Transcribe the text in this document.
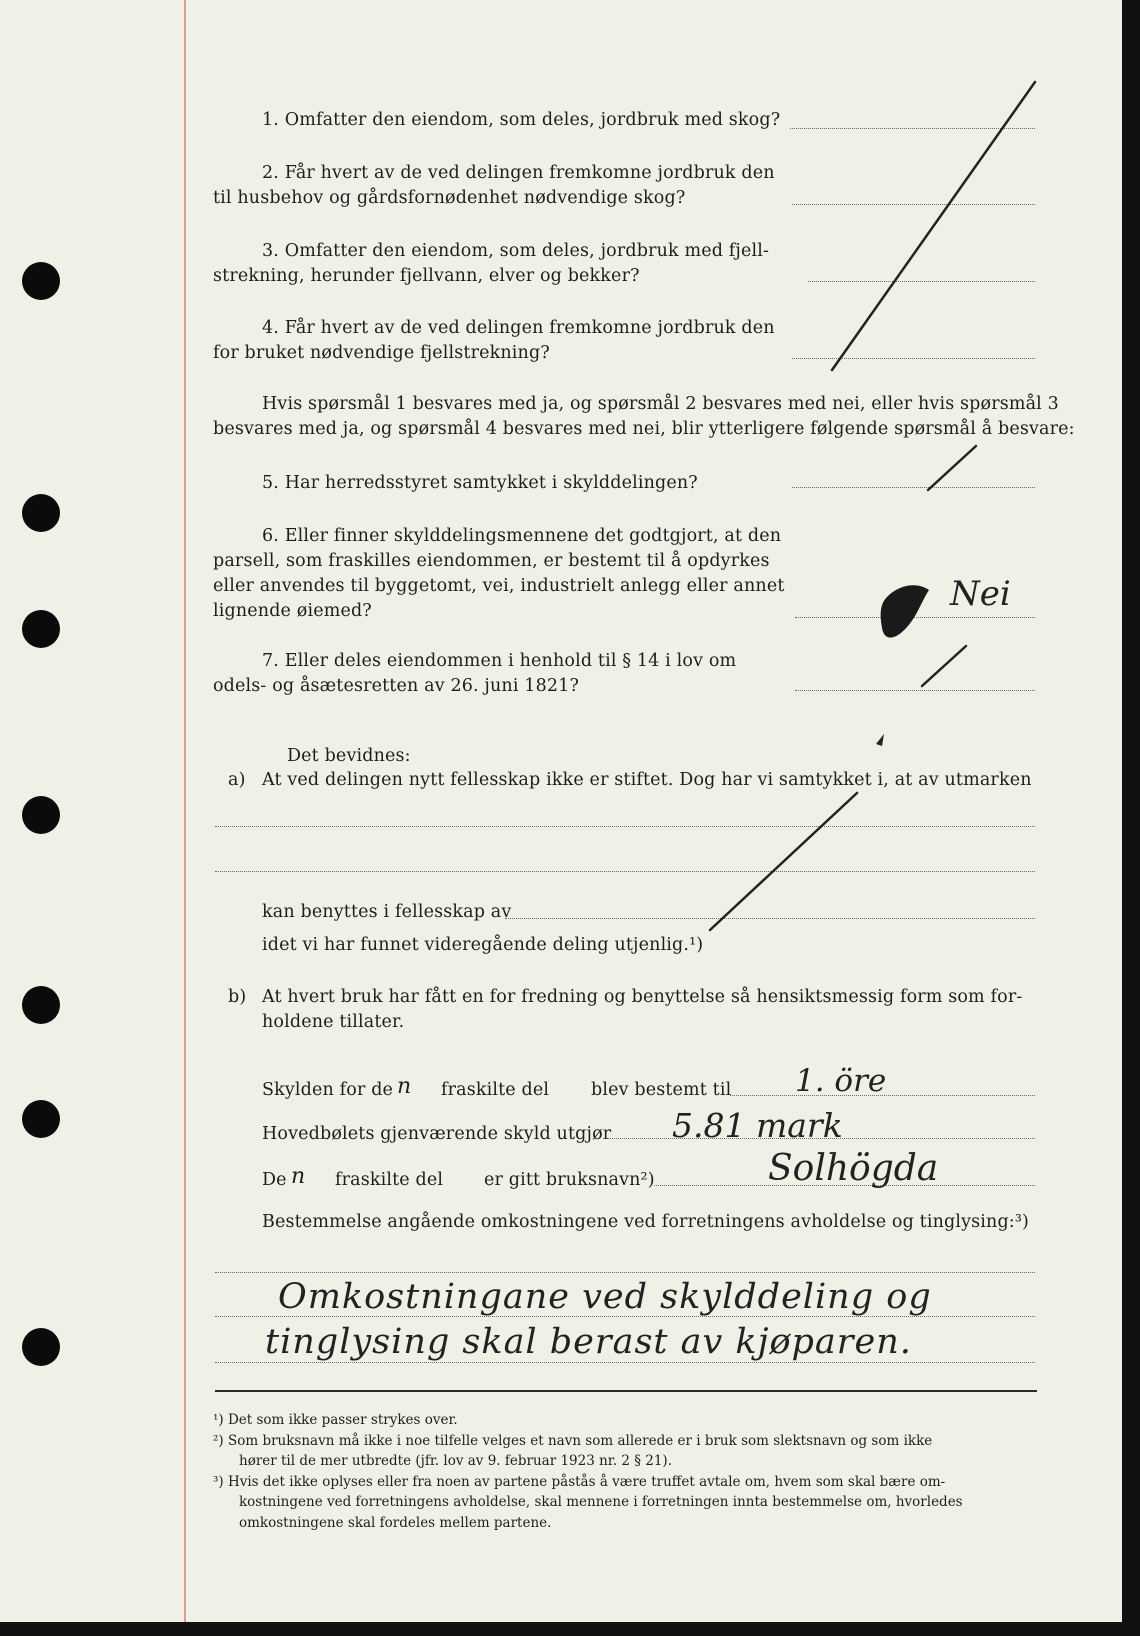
1. Omfatter den eiendom, som deles, jordbruk med skog?
2. Får hvert av de ved delingen fremkomne jordbruk den
til husbehov og gårdsfornødenhet nødvendige skog?
3. Omfatter den eiendom, som deles, jordbruk med fjell-
strekning, herunder fjellvann, elver og bekker?
4. Får hvert av de ved delingen fremkomne jordbruk den
for bruket nødvendige fjellstrekning?
Hvis spørsmål 1 besvares med ja, og spørsmål 2 besvares med nei, eller hvis spørsmål 3
besvares med ja, og spørsmål 4 besvares med nei, blir ytterligere følgende spørsmål å besvare:
5. Har herredsstyret samtykket i skylddelingen?
6. Eller finner skylddelingsmennene det godtgjort, at den
parsell, som fraskilles eiendommen, er bestemt til å opdyrkes
eller anvendes til byggetomt, vei, industrielt anlegg eller annet
lignende øiemed?	Nei
7. Eller deles eiendommen i henhold til § 14 i lov om
odels- og åsætesretten av 26. juni 1821?
Det bevidnes:
a) At ved delingen nytt fellesskap ikke er stiftet. Dog har vi samtykket i, at av utmarken
kan benyttes i fellesskap av
idet vi har funnet videregående deling utjenlig.¹)
b) At hvert bruk har fått en for fredning og benyttelse så hensiktsmessig form som for-
holdene tillater.
Skylden for de n fraskilte del blev bestemt til 1. öre
Hovedbølets gjenværende skyld utgjør 5.81 mark
De n fraskilte del er gitt bruksnavn²)	Solhögda
Bestemmelse angående omkostningene ved forretningens avholdelse og tinglysing:³)
Omkostningane ved skylddeling og
tinglysing skal berast av kjøparen.
¹) Det som ikke passer strykes over.
²) Som bruksnavn må ikke i noe tilfelle velges et navn som allerede er i bruk som slektsnavn og som ikke
hører til de mer utbredte (jfr. lov av 9. februar 1923 nr. 2 § 21).
³) Hvis det ikke oplyses eller fra noen av partene påstås å være truffet avtale om, hvem som skal bære om-
kostningene ved forretningens avholdelse, skal mennene i forretningen innta bestemmelse om, hvorledes
omkostningene skal fordeles mellem partene.
